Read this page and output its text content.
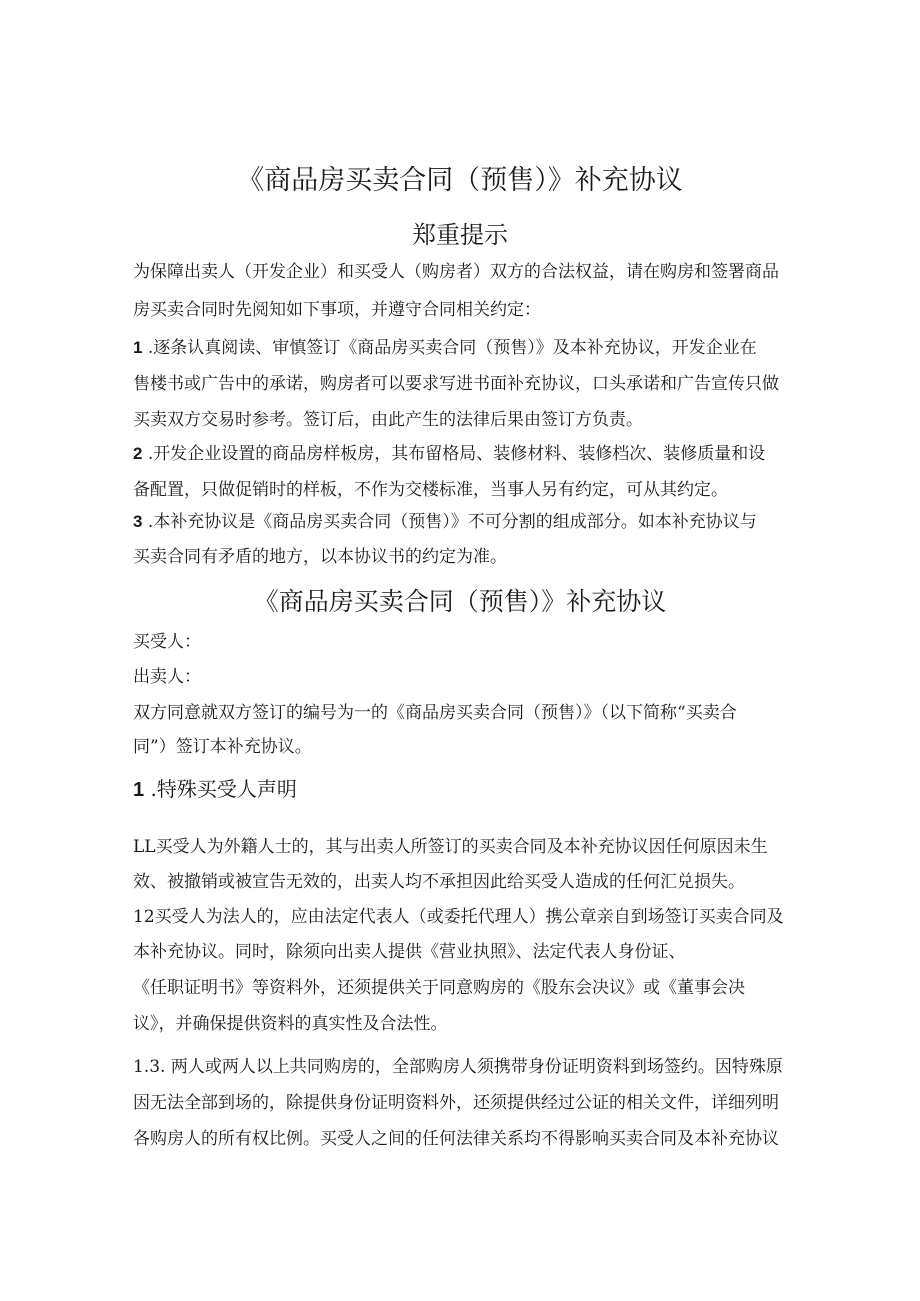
《商品房买卖合同（预售）》补充协议
郑重提示
为保障出卖人（开发企业）和买受人（购房者）双方的合法权益，请在购房和签署商品
房买卖合同时先阅知如下事项，并遵守合同相关约定：
1 .逐条认真阅读、审慎签订《商品房买卖合同（预售）》及本补充协议，开发企业在
售楼书或广告中的承诺，购房者可以要求写进书面补充协议，口头承诺和广告宣传只做
买卖双方交易时参考。签订后，由此产生的法律后果由签订方负责。
2 .开发企业设置的商品房样板房，其布留格局、装修材料、装修档次、装修质量和设
备配置，只做促销时的样板，不作为交楼标准，当事人另有约定，可从其约定。
3 .本补充协议是《商品房买卖合同（预售）》不可分割的组成部分。如本补充协议与
买卖合同有矛盾的地方，以本协议书的约定为准。
《商品房买卖合同（预售）》补充协议
买受人：
出卖人：
双方同意就双方签订的编号为一的《商品房买卖合同（预售）》（以下简称“买卖合
同”）签订本补充协议。
1 .特殊买受人声明
LL买受人为外籍人士的，其与出卖人所签订的买卖合同及本补充协议因任何原因未生
效、被撤销或被宣告无效的，出卖人均不承担因此给买受人造成的任何汇兑损失。
12买受人为法人的，应由法定代表人（或委托代理人）携公章亲自到场签订买卖合同及
本补充协议。同时，除须向出卖人提供《营业执照》、法定代表人身份证、
《任职证明书》等资料外，还须提供关于同意购房的《股东会决议》或《董事会决
议》，并确保提供资料的真实性及合法性。
1.3. 两人或两人以上共同购房的，全部购房人须携带身份证明资料到场签约。因特殊原
因无法全部到场的，除提供身份证明资料外，还须提供经过公证的相关文件，详细列明
各购房人的所有权比例。买受人之间的任何法律关系均不得影响买卖合同及本补充协议
